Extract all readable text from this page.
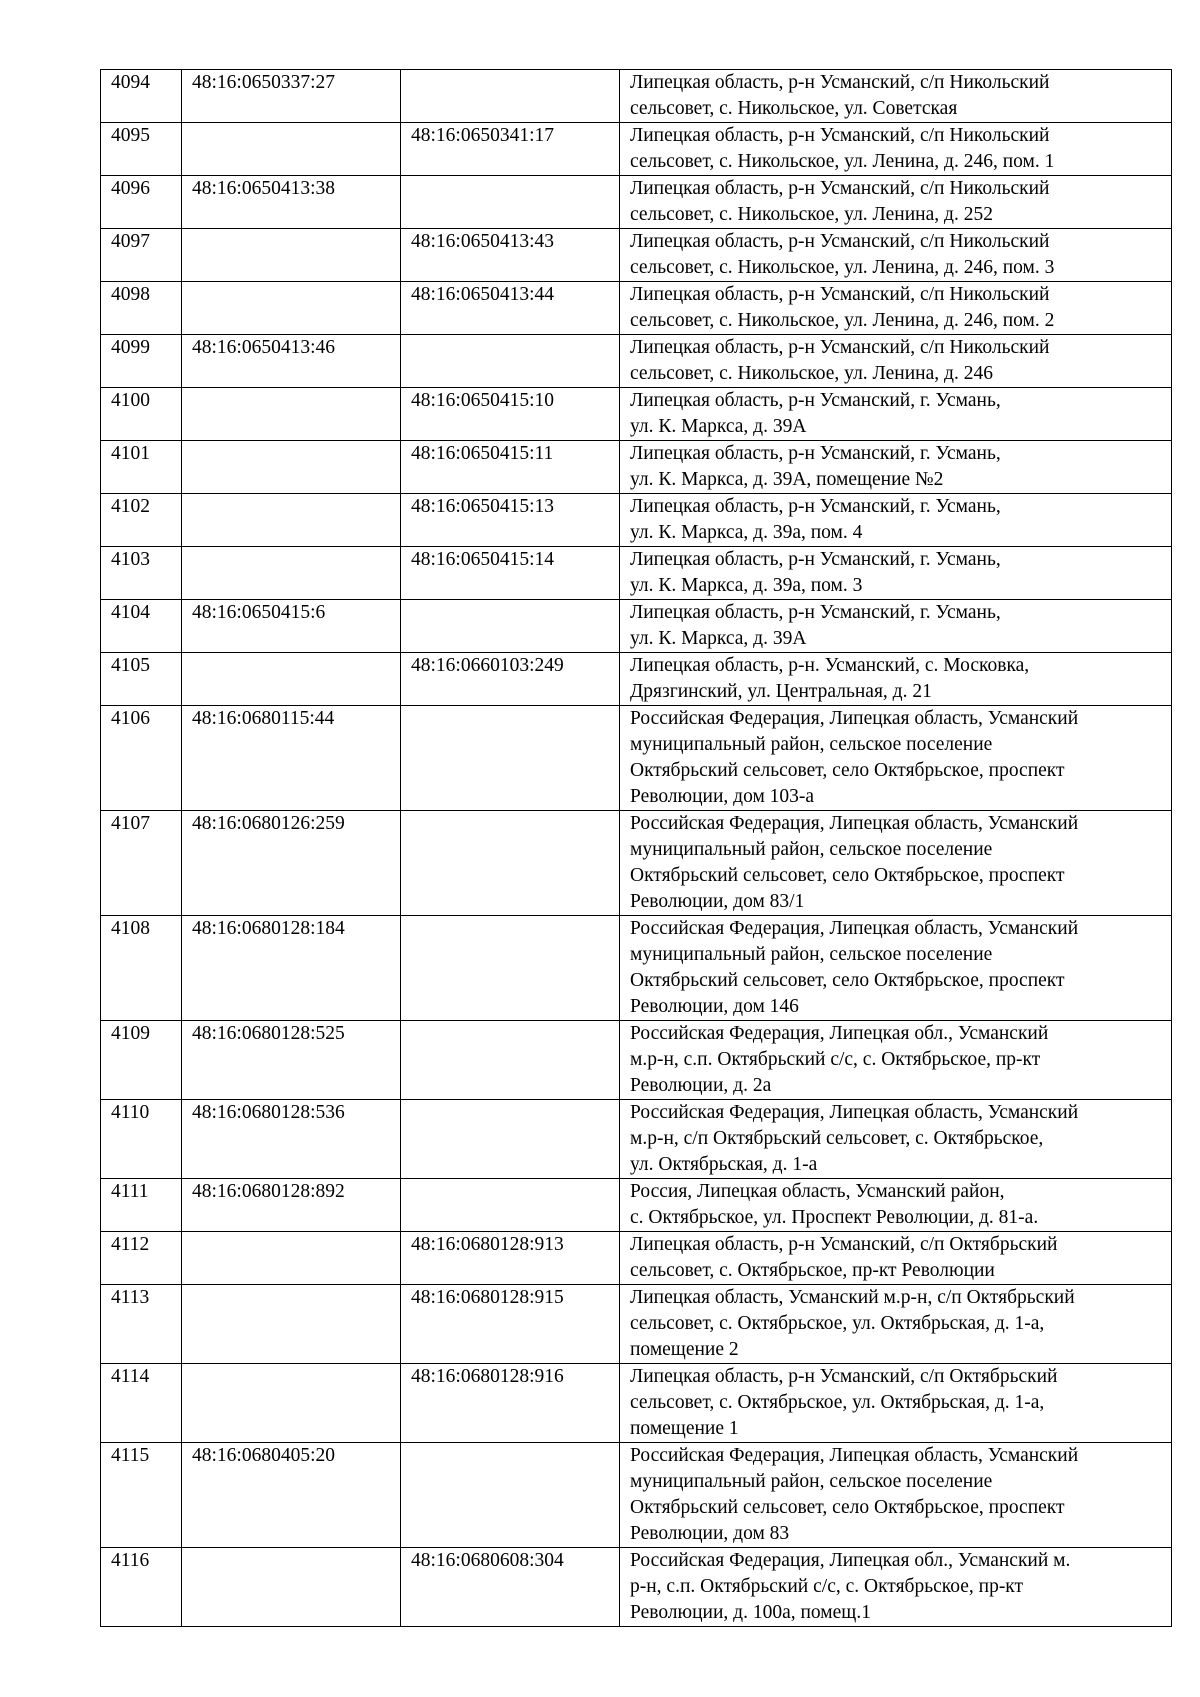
4094	48:16:0650337:27		Липецкая область, р-н Усманский, с/п Никольский
сельсовет, с. Никольское, ул. Советская
4095		48:16:0650341:17	Липецкая область, р-н Усманский, с/п Никольский
сельсовет, с. Никольское, ул. Ленина, д. 246, пом. 1
4096	48:16:0650413:38		Липецкая область, р-н Усманский, с/п Никольский
сельсовет, с. Никольское, ул. Ленина, д. 252
4097		48:16:0650413:43	Липецкая область, р-н Усманский, с/п Никольский
сельсовет, с. Никольское, ул. Ленина, д. 246, пом. 3
4098		48:16:0650413:44	Липецкая область, р-н Усманский, с/п Никольский
сельсовет, с. Никольское, ул. Ленина, д. 246, пом. 2
4099	48:16:0650413:46		Липецкая область, р-н Усманский, с/п Никольский
сельсовет, с. Никольское, ул. Ленина, д. 246
4100		48:16:0650415:10	Липецкая область, р-н Усманский, г. Усмань,
ул. К. Маркса, д. 39А
4101		48:16:0650415:11	Липецкая область, р-н Усманский, г. Усмань,
ул. К. Маркса, д. 39А, помещение №2
4102		48:16:0650415:13	Липецкая область, р-н Усманский, г. Усмань,
ул. К. Маркса, д. 39а, пом. 4
4103		48:16:0650415:14	Липецкая область, р-н Усманский, г. Усмань,
ул. К. Маркса, д. 39а, пом. 3
4104	48:16:0650415:6		Липецкая область, р-н Усманский, г. Усмань,
ул. К. Маркса, д. 39А
4105		48:16:0660103:249	Липецкая область, р-н. Усманский, с. Московка,
Дрязгинский, ул. Центральная, д. 21
4106	48:16:0680115:44		Российская Федерация, Липецкая область, Усманский
муниципальный район, сельское поселение
Октябрьский сельсовет, село Октябрьское, проспект
Революции, дом 103-а
4107	48:16:0680126:259		Российская Федерация, Липецкая область, Усманский
муниципальный район, сельское поселение
Октябрьский сельсовет, село Октябрьское, проспект
Революции, дом 83/1
4108	48:16:0680128:184		Российская Федерация, Липецкая область, Усманский
муниципальный район, сельское поселение
Октябрьский сельсовет, село Октябрьское, проспект
Революции, дом 146
4109	48:16:0680128:525		Российская Федерация, Липецкая обл., Усманский
м.р-н, с.п. Октябрьский с/с, с. Октябрьское, пр-кт
Революции, д. 2а
4110	48:16:0680128:536		Российская Федерация, Липецкая область, Усманский
м.р-н, с/п Октябрьский сельсовет, с. Октябрьское,
ул. Октябрьская, д. 1-а
4111	48:16:0680128:892		Россия, Липецкая область, Усманский район,
с. Октябрьское, ул. Проспект Революции, д. 81-а.
4112		48:16:0680128:913	Липецкая область, р-н Усманский, с/п Октябрьский
сельсовет, с. Октябрьское, пр-кт Революции
4113		48:16:0680128:915	Липецкая область, Усманский м.р-н, с/п Октябрьский
сельсовет, с. Октябрьское, ул. Октябрьская, д. 1-а,
помещение 2
4114		48:16:0680128:916	Липецкая область, р-н Усманский, с/п Октябрьский
сельсовет, с. Октябрьское, ул. Октябрьская, д. 1-а,
помещение 1
4115	48:16:0680405:20		Российская Федерация, Липецкая область, Усманский
муниципальный район, сельское поселение
Октябрьский сельсовет, село Октябрьское, проспект
Революции, дом 83
4116		48:16:0680608:304	Российская Федерация, Липецкая обл., Усманский м.
р-н, с.п. Октябрьский с/с, с. Октябрьское, пр-кт
Революции, д. 100а, помещ.1
